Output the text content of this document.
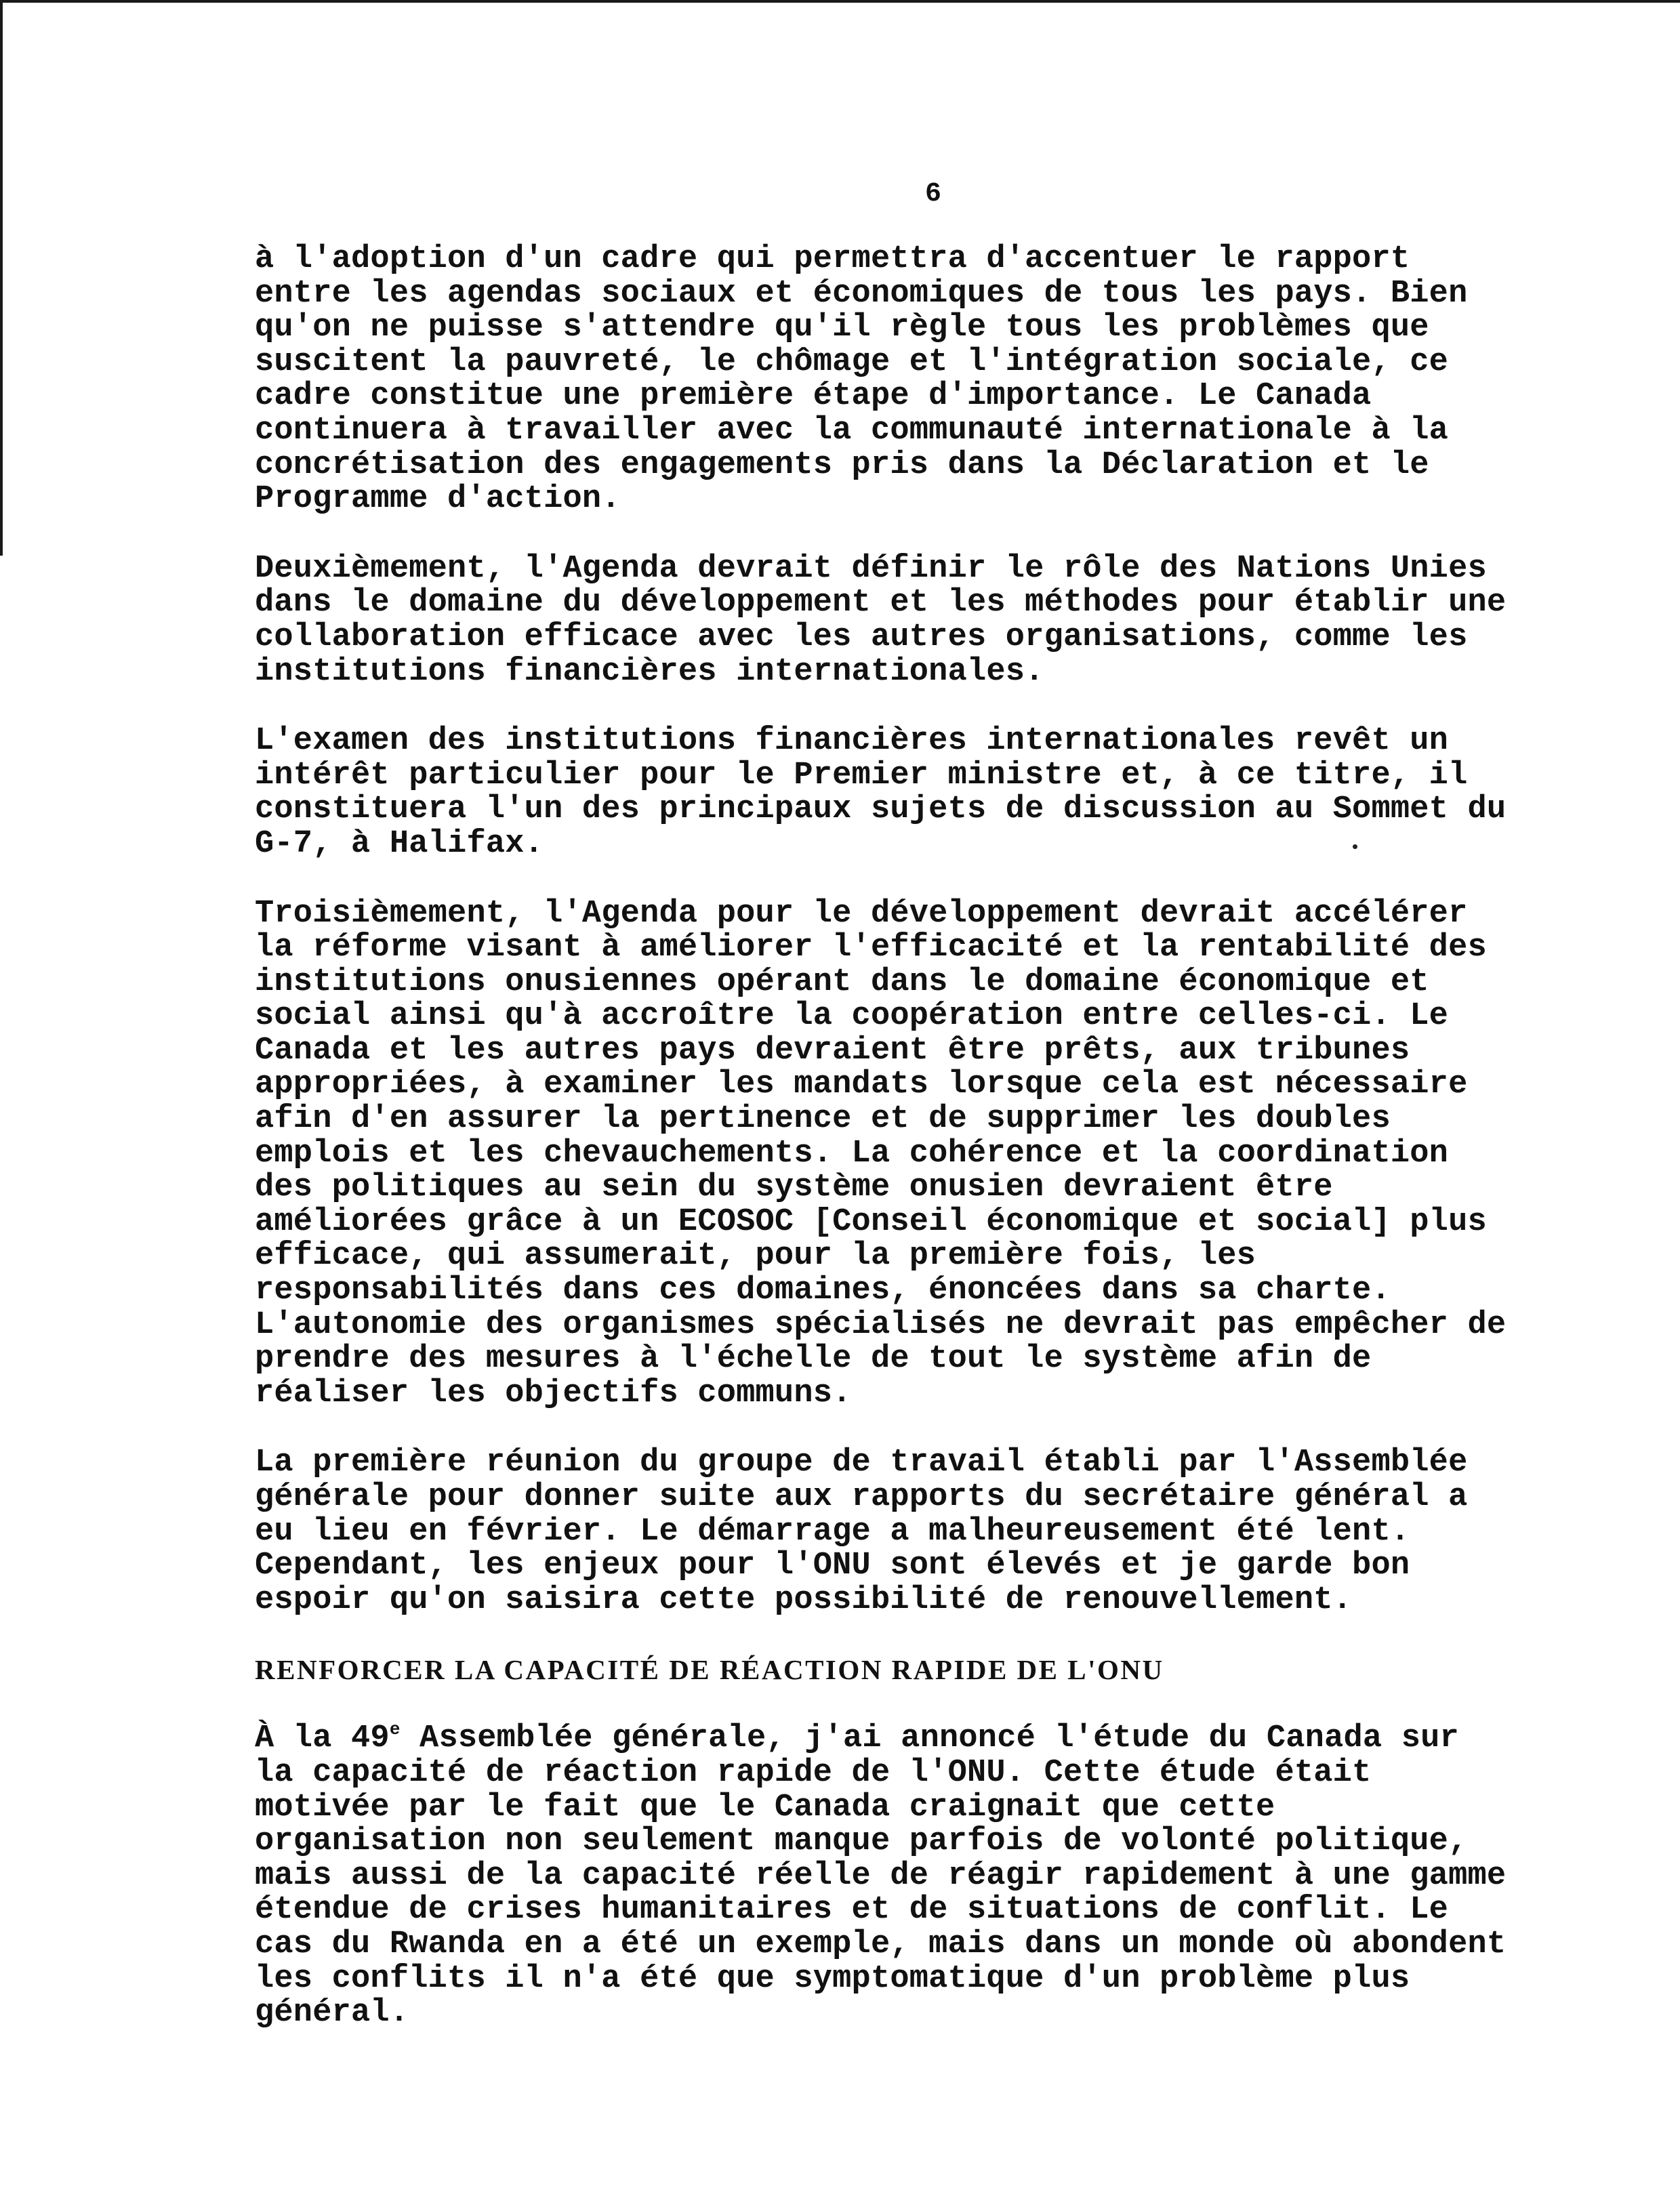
6

à l'adoption d'un cadre qui permettra d'accentuer le rapport
entre les agendas sociaux et économiques de tous les pays. Bien
qu'on ne puisse s'attendre qu'il règle tous les problèmes que
suscitent la pauvreté, le chômage et l'intégration sociale, ce
cadre constitue une première étape d'importance. Le Canada
continuera à travailler avec la communauté internationale à la
concrétisation des engagements pris dans la Déclaration et le
Programme d'action.

Deuxièmement, l'Agenda devrait définir le rôle des Nations Unies
dans le domaine du développement et les méthodes pour établir une
collaboration efficace avec les autres organisations, comme les
institutions financières internationales.

L'examen des institutions financières internationales revêt un
intérêt particulier pour le Premier ministre et, à ce titre, il
constituera l'un des principaux sujets de discussion au Sommet du
G-7, à Halifax.

Troisièmement, l'Agenda pour le développement devrait accélérer
la réforme visant à améliorer l'efficacité et la rentabilité des
institutions onusiennes opérant dans le domaine économique et
social ainsi qu'à accroître la coopération entre celles-ci. Le
Canada et les autres pays devraient être prêts, aux tribunes
appropriées, à examiner les mandats lorsque cela est nécessaire
afin d'en assurer la pertinence et de supprimer les doubles
emplois et les chevauchements. La cohérence et la coordination
des politiques au sein du système onusien devraient être
améliorées grâce à un ECOSOC [Conseil économique et social] plus
efficace, qui assumerait, pour la première fois, les
responsabilités dans ces domaines, énoncées dans sa charte.
L'autonomie des organismes spécialisés ne devrait pas empêcher de
prendre des mesures à l'échelle de tout le système afin de
réaliser les objectifs communs.

La première réunion du groupe de travail établi par l'Assemblée
générale pour donner suite aux rapports du secrétaire général a
eu lieu en février. Le démarrage a malheureusement été lent.
Cependant, les enjeux pour l'ONU sont élevés et je garde bon
espoir qu'on saisira cette possibilité de renouvellement.

RENFORCER LA CAPACITÉ DE RÉACTION RAPIDE DE L'ONU

À la 49e Assemblée générale, j'ai annoncé l'étude du Canada sur
la capacité de réaction rapide de l'ONU. Cette étude était
motivée par le fait que le Canada craignait que cette
organisation non seulement manque parfois de volonté politique,
mais aussi de la capacité réelle de réagir rapidement à une gamme
étendue de crises humanitaires et de situations de conflit. Le
cas du Rwanda en a été un exemple, mais dans un monde où abondent
les conflits il n'a été que symptomatique d'un problème plus
général.
